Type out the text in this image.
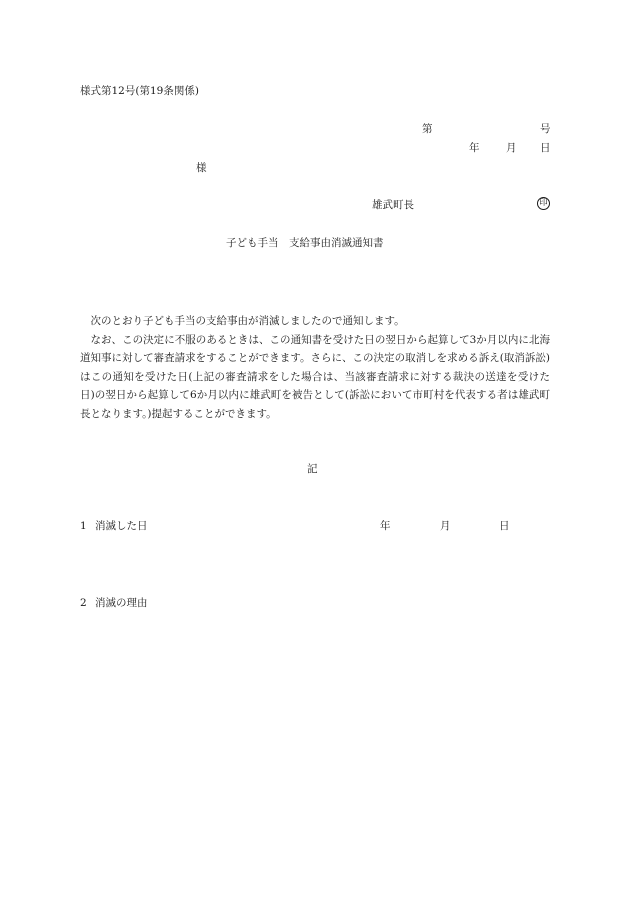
様式第12号(第19条関係)
第	号
年	月 日
様
雄武町長	印
子ども手当　支給事由消滅通知書

次のとおり子ども手当の支給事由が消滅しましたので通知します。

なお、この決定に不服のあるときは、この通知書を受けた日の翌日から起算して3か月以内に北海道知事に対して審査請求をすることができます。さらに、この決定の取消しを求める訴え(取消訴訟)はこの通知を受けた日(上記の審査請求をした場合は、当該審査請求に対する裁決の送達を受けた日)の翌日から起算して6か月以内に雄武町を被告として(訴訟において市町村を代表する者は雄武町長となります。)提起することができます。

記
1 消滅した日	年	月	日
2 消滅の理由
